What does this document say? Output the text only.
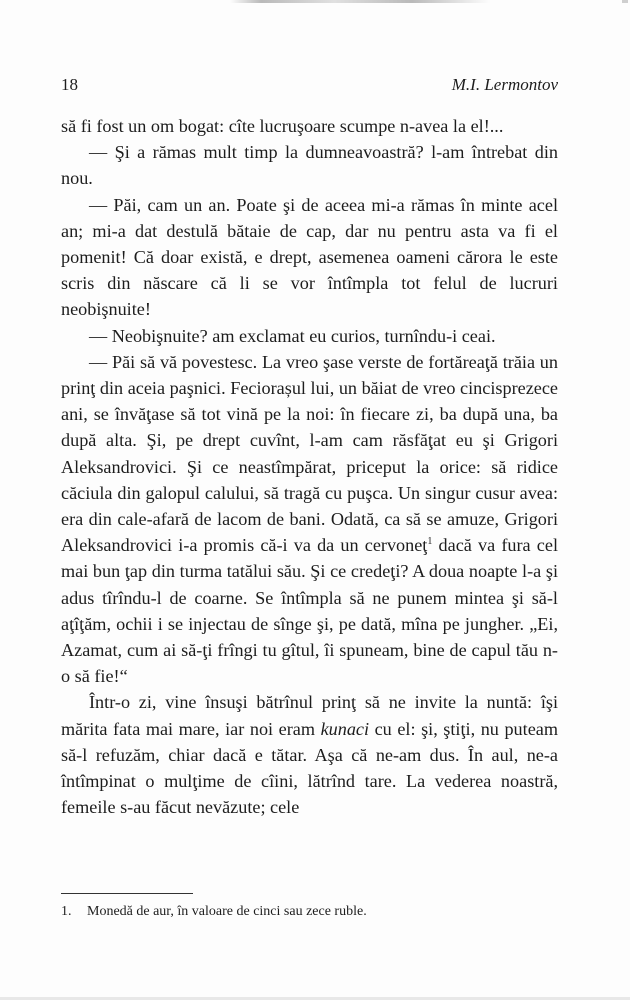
18	M.I. Lermontov

să fi fost un om bogat: cîte lucruşoare scumpe n-avea la el!...

— Şi a rămas mult timp la dumneavoastră? l-am întrebat din nou.

— Păi, cam un an. Poate şi de aceea mi-a rămas în minte acel an; mi-a dat destulă bătaie de cap, dar nu pentru asta va fi el pomenit! Că doar există, e drept, asemenea oameni cărora le este scris din născare că li se vor întîmpla tot felul de lucruri neobişnuite!

— Neobişnuite? am exclamat eu curios, turnîndu-i ceai.

— Păi să vă povestesc. La vreo şase verste de fortăreaţă trăia un prinţ din aceia paşnici. Feciorașul lui, un băiat de vreo cincisprezece ani, se învăţase să tot vină pe la noi: în fiecare zi, ba după una, ba după alta. Şi, pe drept cuvînt, l-am cam răsfăţat eu şi Grigori Aleksandrovici. Şi ce neastîmpărat, priceput la orice: să ridice căciula din galopul calului, să tragă cu puşca. Un singur cusur avea: era din cale-afară de lacom de bani. Odată, ca să se amuze, Grigori Aleksandrovici i-a promis că-i va da un cervoneţ$^1$ dacă va fura cel mai bun ţap din turma tatălui său. Şi ce credeţi? A doua noapte l-a şi adus tîrîndu-l de coarne. Se întîmpla să ne punem mintea şi să-l aţîţăm, ochii i se injectau de sînge şi, pe dată, mîna pe jungher. „Ei, Azamat, cum ai să-ţi frîngi tu gîtul, îi spuneam, bine de capul tău n-o să fie!“

Într-o zi, vine însuşi bătrînul prinţ să ne invite la nuntă: îşi mărita fata mai mare, iar noi eram kunaci cu el: şi, ştiţi, nu puteam să-l refuzăm, chiar dacă e tătar. Aşa că ne-am dus. În aul, ne-a întîmpinat o mulţime de cîini, lătrînd tare. La vederea noastră, femeile s-au făcut nevăzute; cele

1.	Monedă de aur, în valoare de cinci sau zece ruble.
